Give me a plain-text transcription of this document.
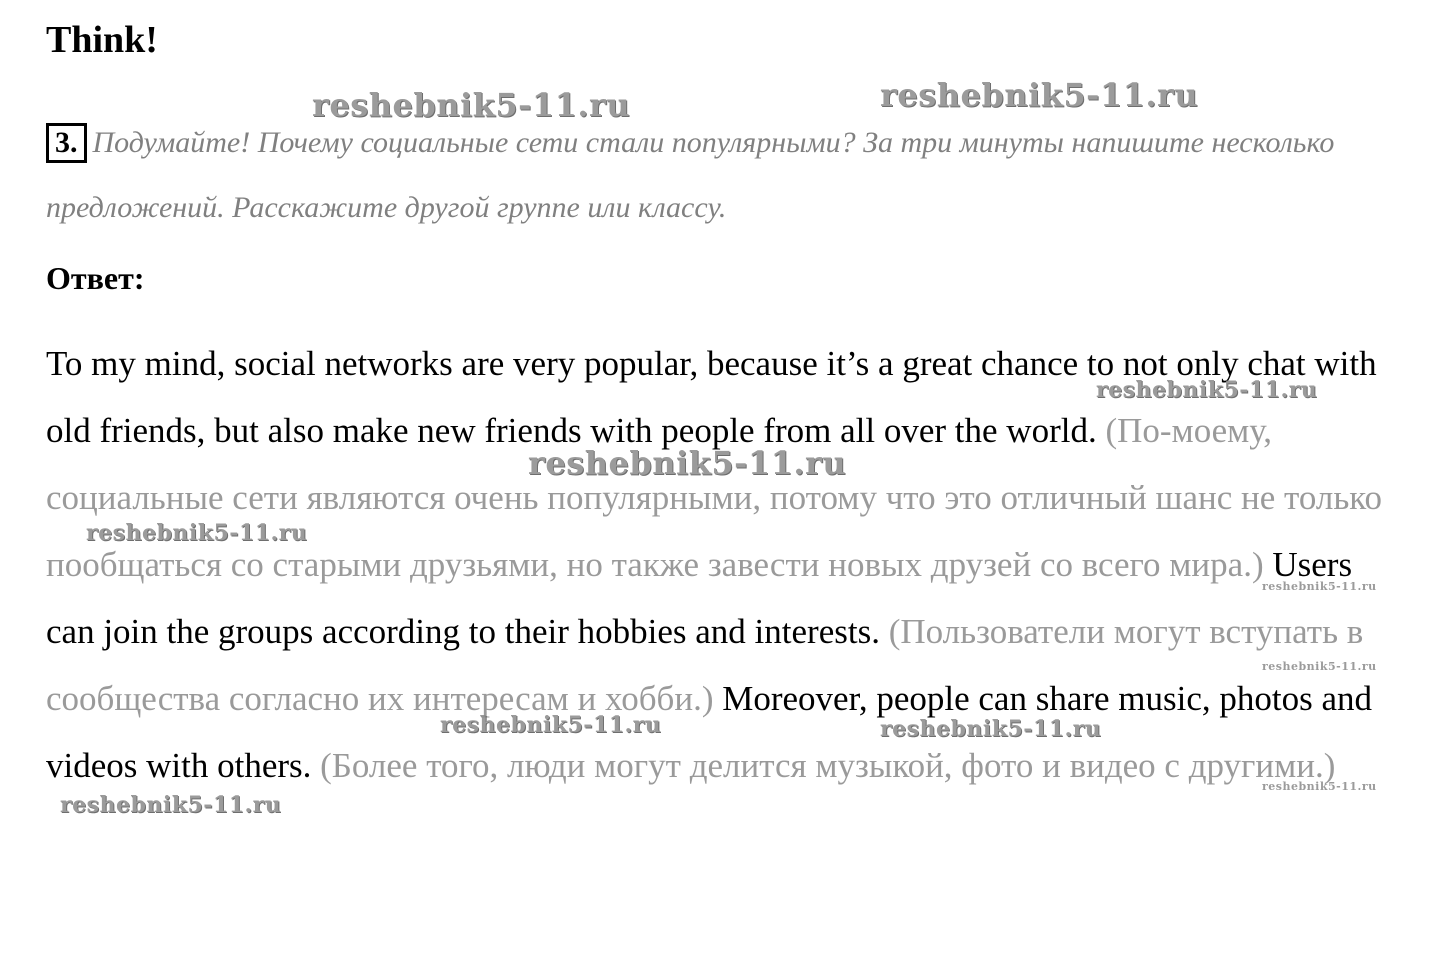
Think!
3. Подумайте! Почему социальные сети стали популярными? За три минуты напишите несколько предложений. Расскажите другой группе или классу.
Ответ:
To my mind, social networks are very popular, because it’s a great chance to not only chat with old friends, but also make new friends with people from all over the world. (По-моему, социальные сети являются очень популярными, потому что это отличный шанс не только пообщаться со старыми друзьями, но также завести новых друзей со всего мира.) Users can join the groups according to their hobbies and interests. (Пользователи могут вступать в сообщества согласно их интересам и хобби.) Moreover, people can share music, photos and videos with others. (Более того, люди могут делится музыкой, фото и видео с другими.)
reshebnik5-11.ru	reshebnik5-11.ru
reshebnik5-11.ru
reshebnik5-11.ru
reshebnik5-11.ru
reshebnik5-11.ru	reshebnik5-11.ru
reshebnik5-11.ru
reshebnik5-11.ru
reshebnik5-11.ru
reshebnik5-11.ru
